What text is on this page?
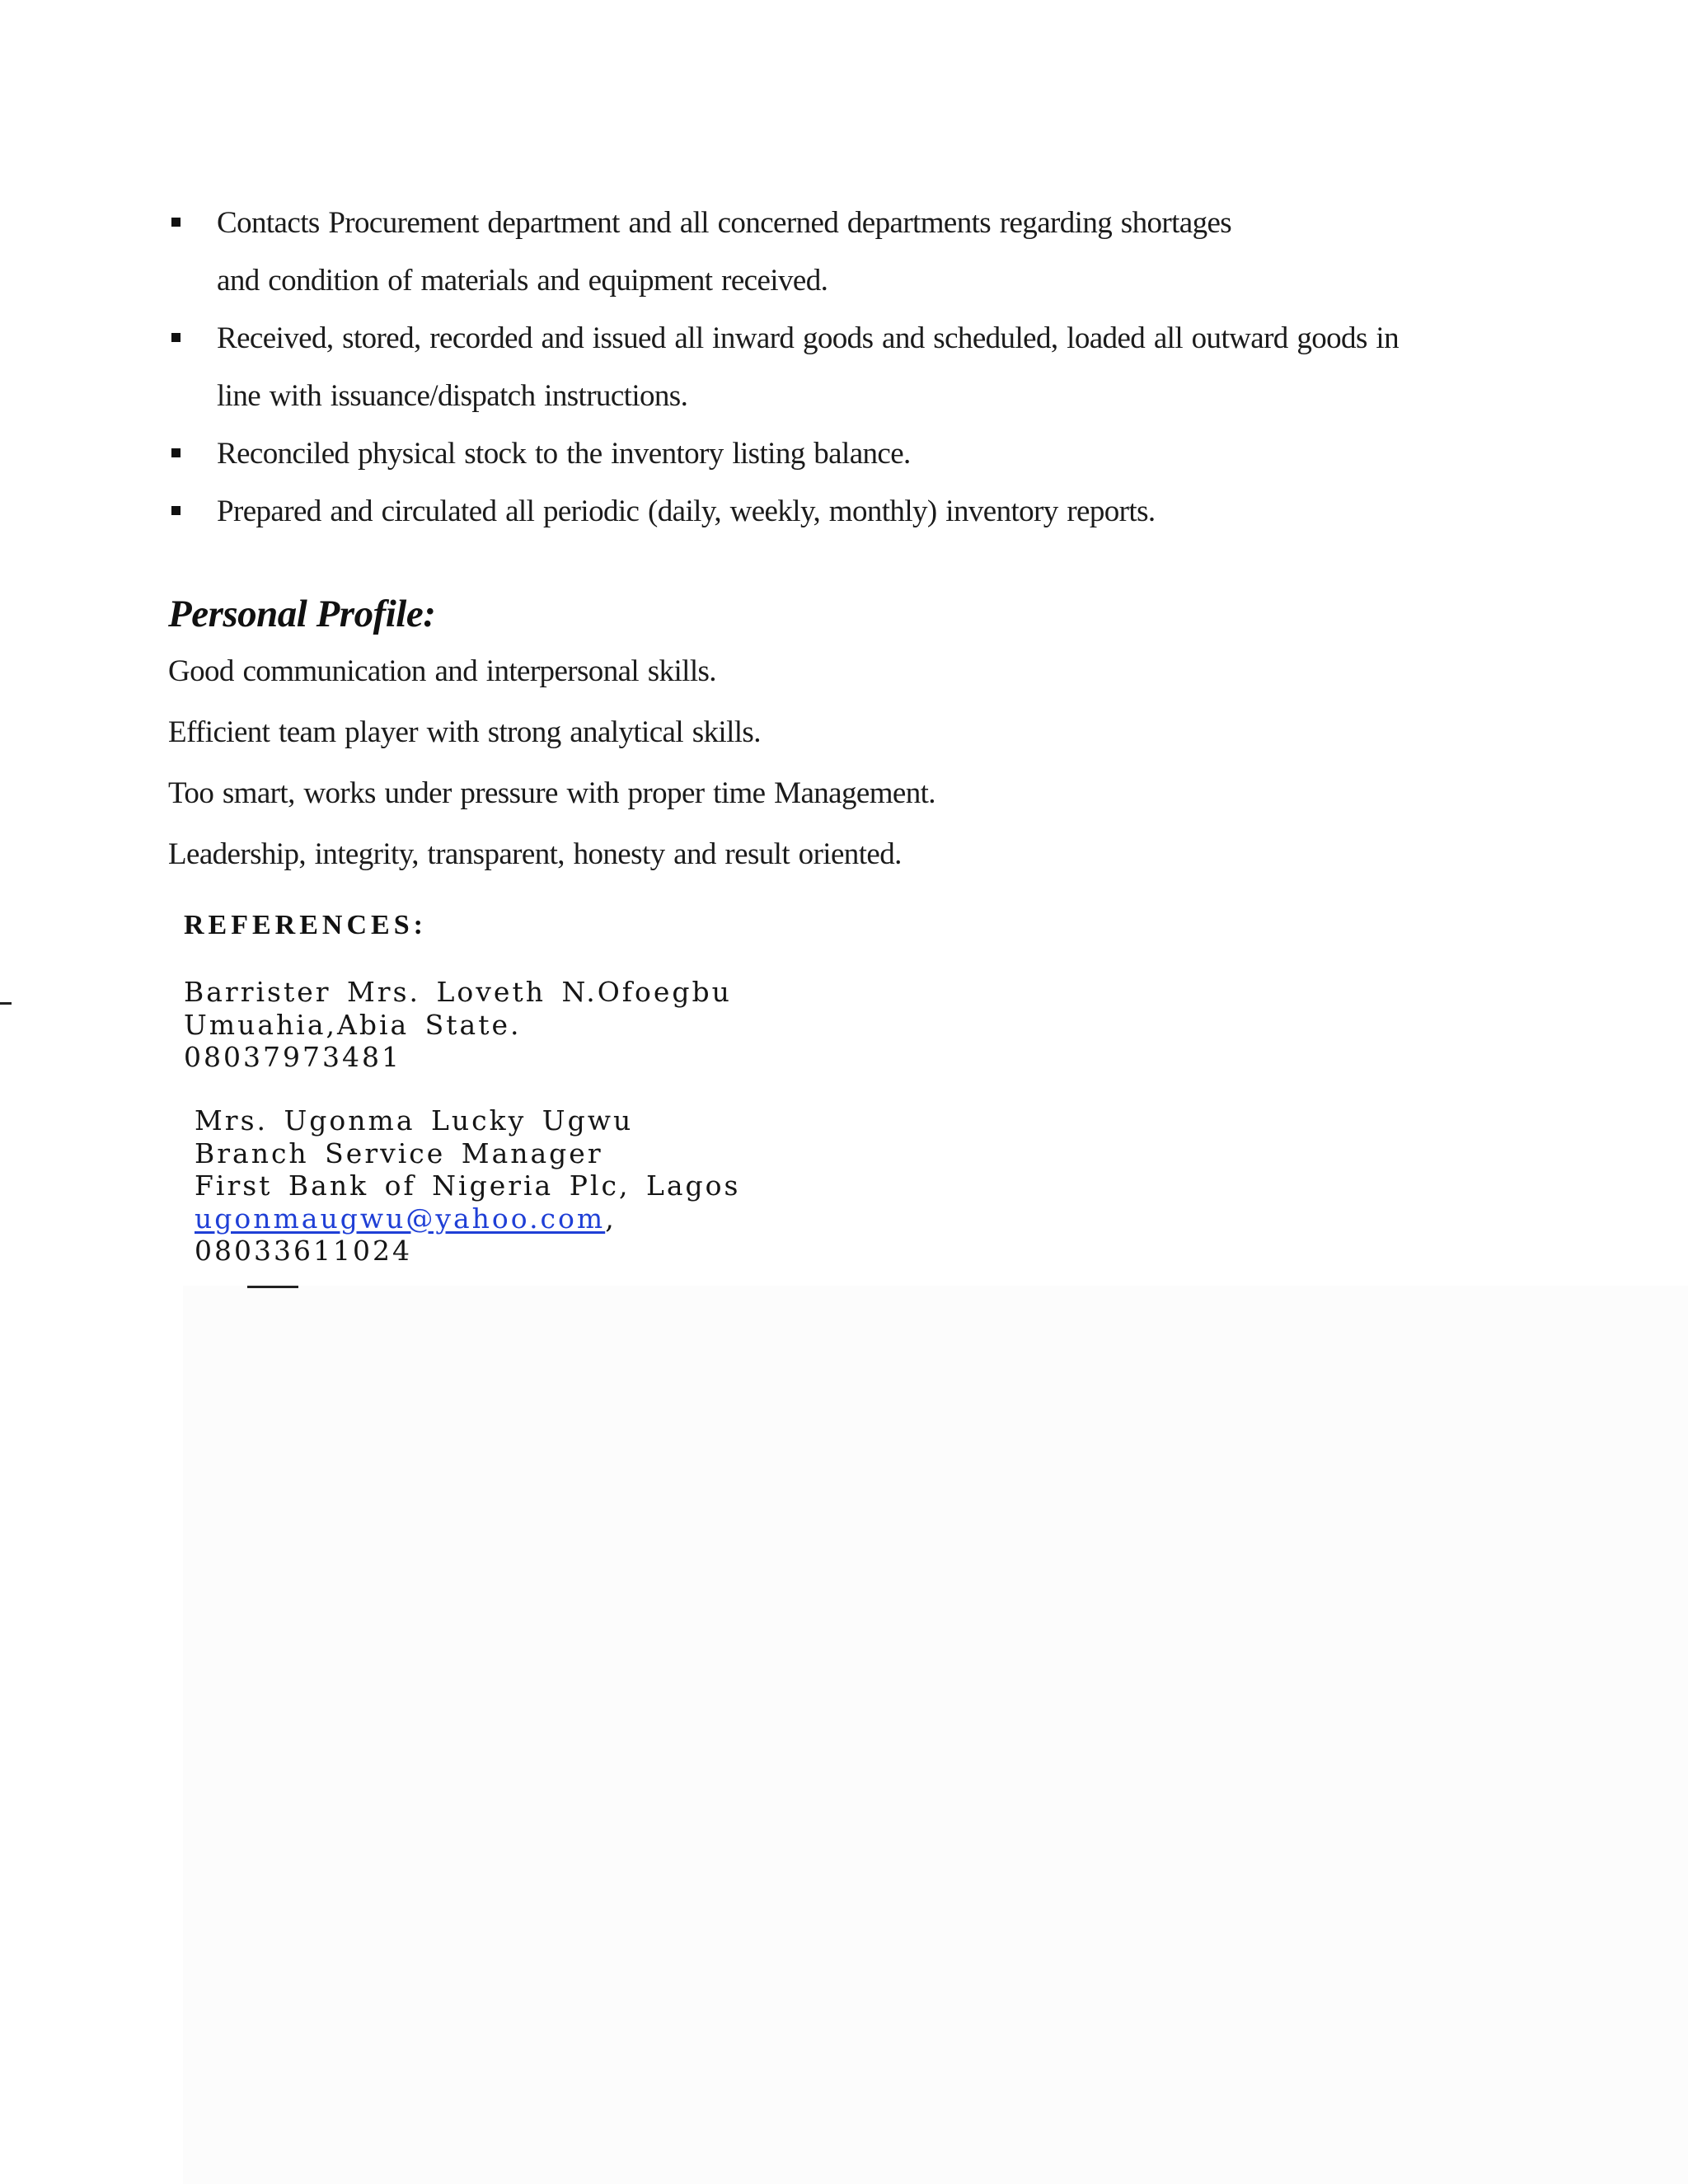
Contacts Procurement department and all concerned departments regarding shortages
and condition of materials and equipment received.
Received, stored, recorded and issued all inward goods and scheduled, loaded all outward goods in
line with issuance/dispatch instructions.
Reconciled physical stock to the inventory listing balance.
Prepared and circulated all periodic (daily, weekly, monthly) inventory reports.
Personal Profile:
Good communication and interpersonal skills.
Efficient team player with strong analytical skills.
Too smart, works under pressure with proper time Management.
Leadership, integrity, transparent, honesty and result oriented.
REFERENCES:
Barrister Mrs. Loveth N.Ofoegbu
Umuahia,Abia State.
08037973481
Mrs. Ugonma Lucky Ugwu
Branch Service Manager
First Bank of Nigeria Plc, Lagos
ugonmaugwu@yahoo.com,
08033611024
